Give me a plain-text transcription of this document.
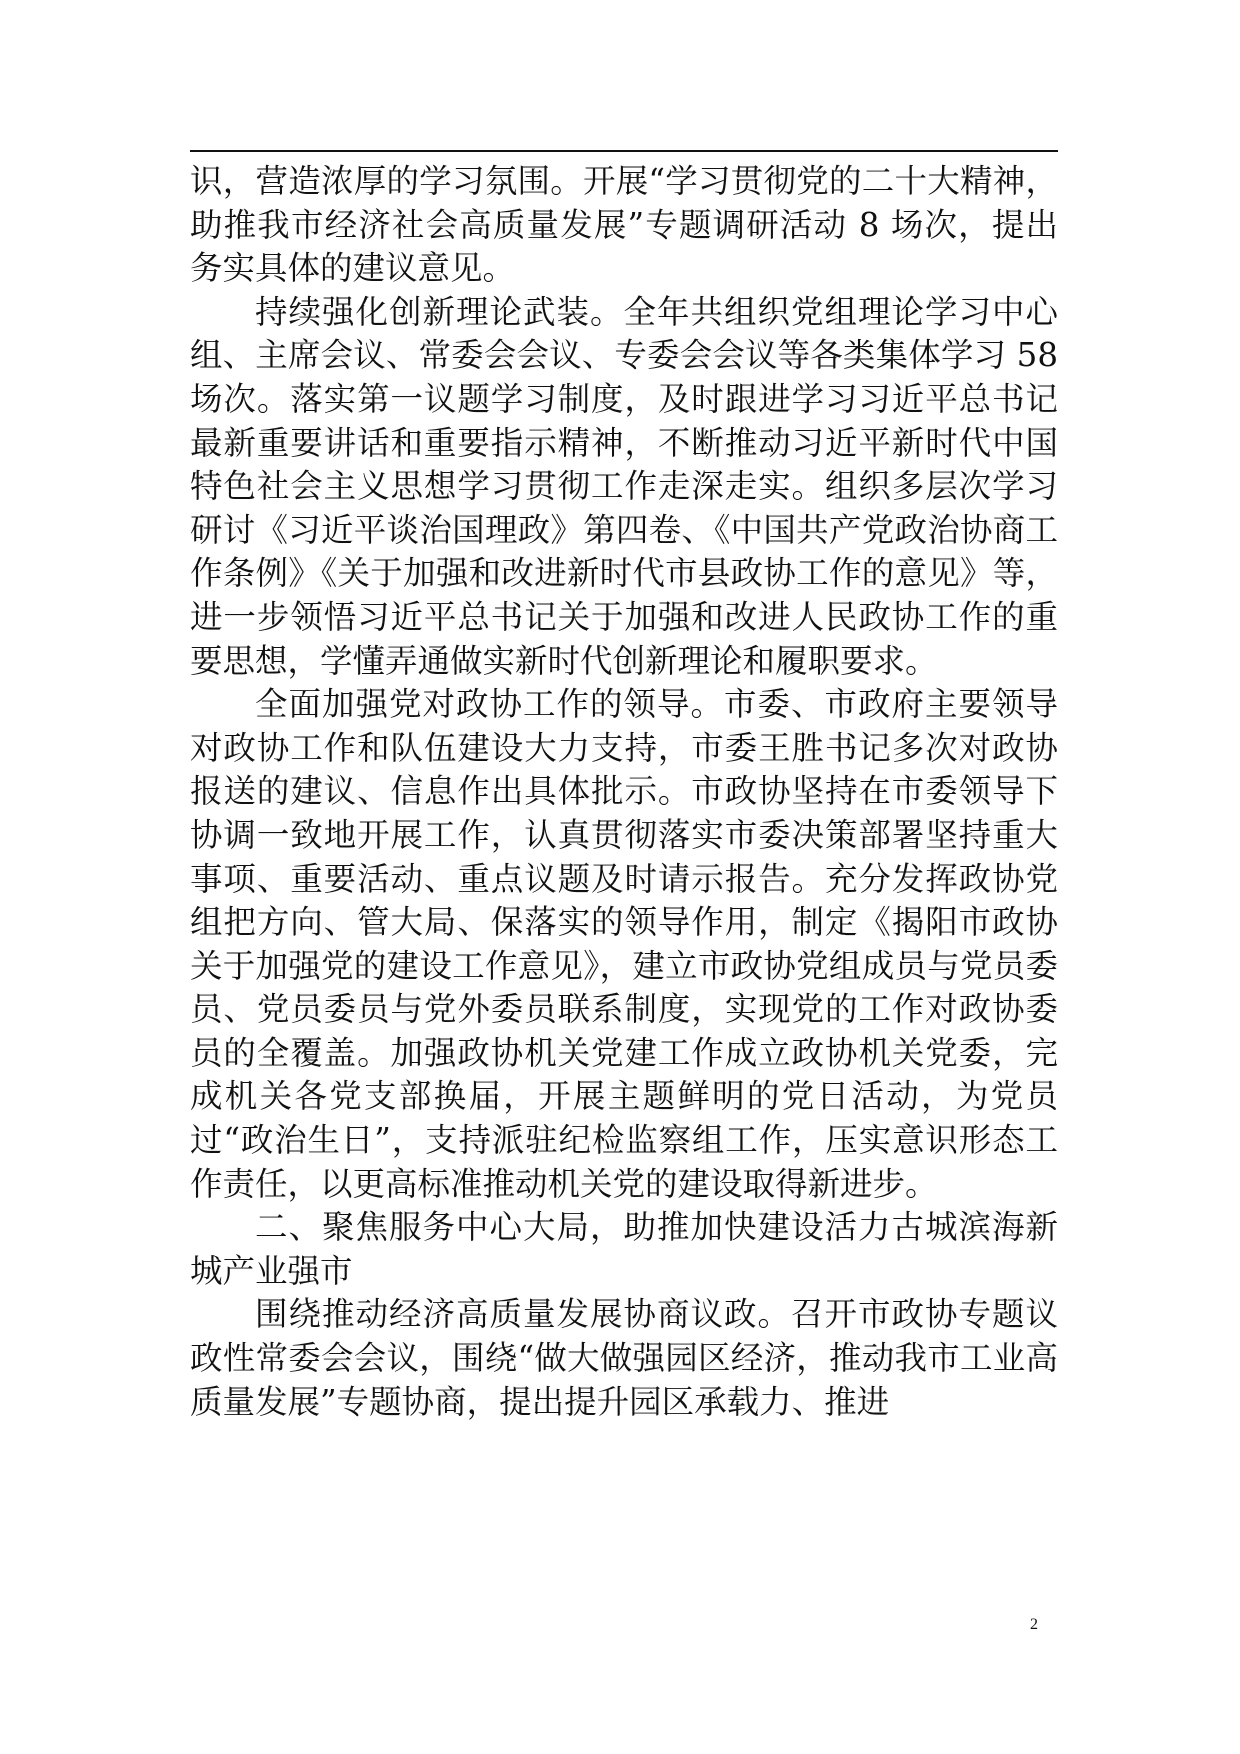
识，营造浓厚的学习氛围。开展“学习贯彻党的二十大精神，助推我市经济社会高质量发展”专题调研活动 8 场次，提出务实具体的建议意见。

持续强化创新理论武装。全年共组织党组理论学习中心组、主席会议、常委会会议、专委会会议等各类集体学习 58 场次。落实第一议题学习制度，及时跟进学习习近平总书记最新重要讲话和重要指示精神，不断推动习近平新时代中国特色社会主义思想学习贯彻工作走深走实。组织多层次学习研讨《习近平谈治国理政》第四卷、《中国共产党政治协商工作条例》《关于加强和改进新时代市县政协工作的意见》等，进一步领悟习近平总书记关于加强和改进人民政协工作的重要思想，学懂弄通做实新时代创新理论和履职要求。

全面加强党对政协工作的领导。市委、市政府主要领导对政协工作和队伍建设大力支持，市委王胜书记多次对政协报送的建议、信息作出具体批示。市政协坚持在市委领导下协调一致地开展工作，认真贯彻落实市委决策部署坚持重大事项、重要活动、重点议题及时请示报告。充分发挥政协党组把方向、管大局、保落实的领导作用，制定《揭阳市政协关于加强党的建设工作意见》，建立市政协党组成员与党员委员、党员委员与党外委员联系制度，实现党的工作对政协委员的全覆盖。加强政协机关党建工作成立政协机关党委，完成机关各党支部换届，开展主题鲜明的党日活动，为党员过“政治生日”，支持派驻纪检监察组工作，压实意识形态工作责任，以更高标准推动机关党的建设取得新进步。

二、聚焦服务中心大局，助推加快建设活力古城滨海新城产业强市

围绕推动经济高质量发展协商议政。召开市政协专题议政性常委会会议，围绕“做大做强园区经济，推动我市工业高质量发展”专题协商，提出提升园区承载力、推进

2
